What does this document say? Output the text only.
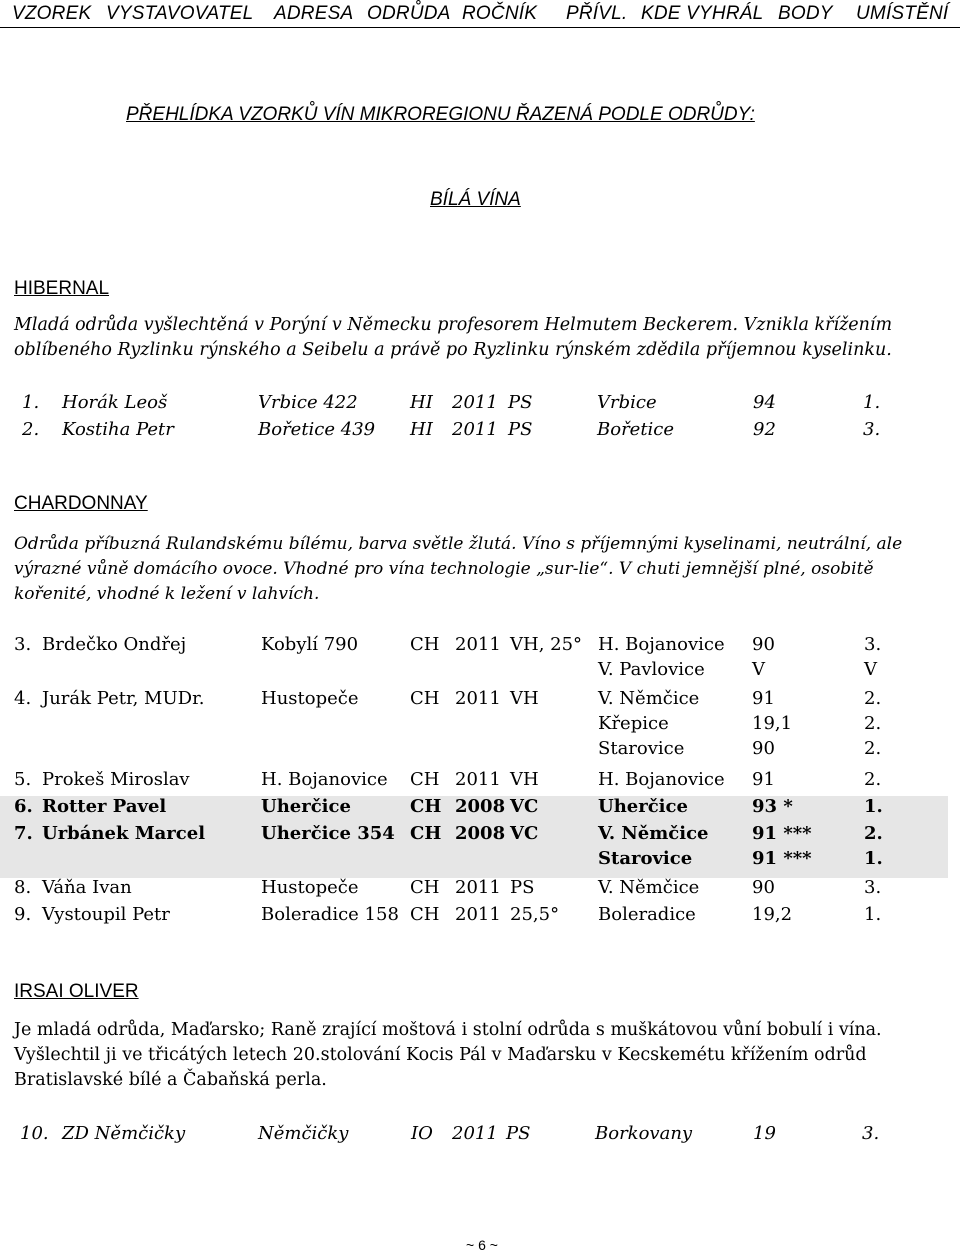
VZOREK VYSTAVOVATEL ADRESA ODRŮDA ROČNÍK PŘÍVL. KDE VYHRÁL BODY UMÍSTĚNÍ
PŘEHLÍDKA VZORKŮ VÍN MIKROREGIONU ŘAZENÁ PODLE ODRŮDY:
BÍLÁ VÍNA
HIBERNAL
Mladá odrůda vyšlechtěná v Porýní v Německu profesorem Helmutem Beckerem. Vznikla křížením oblíbeného Ryzlinku rýnského a Seibelu a právě po Ryzlinku rýnském zdědila příjemnou kyselinku.
1. Horák Leoš	Vrbice 422	HI 2011 PS	Vrbice	94	1.
2. Kostiha Petr	Bořetice 439 HI 2011 PS	Bořetice	92	3.
CHARDONNAY
Odrůda příbuzná Rulandskému bílému, barva světle žlutá. Víno s příjemnými kyselinami, neutrální, ale výrazné vůně domácího ovoce. Vhodné pro vína technologie „sur-lie“. V chuti jemnější plné, osobitě kořenité, vhodné k ležení v lahvích.
3. Brdečko Ondřej	Kobylí 790	CH 2011 VH, 25° H. Bojanovice 90	3.
V. Pavlovice	V	V
4. Jurák Petr, MUDr.	Hustopeče	CH 2011 VH	V. Němčice	91	2.
Křepice	19,1	2.
Starovice	90	2.
5. Prokeš Miroslav	H. Bojanovice CH 2011 VH	H. Bojanovice 91	2.
6. Rotter Pavel	Uherčice	CH 2008 VC	Uherčice	93 *	1.
7. Urbánek Marcel	Uherčice 354 CH 2008 VC	V. Němčice 91 ***	2.
Starovice	91 ***	1.
8. Váňa Ivan	Hustopeče	CH 2011 PS	V. Němčice	90	3.
9. Vystoupil Petr	Boleradice 158 CH 2011 25,5° Boleradice	19,2	1.
IRSAI OLIVER
Je mladá odrůda, Maďarsko; Raně zrající moštová i stolní odrůda s muškátovou vůní bobulí i vína. Vyšlechtil ji ve třicátých letech 20.stolování Kocis Pál v Maďarsku v Kecskemétu křížením odrůd Bratislavské bílé a Čabaňská perla.
10. ZD Němčičky	Němčičky	IO 2011 PS	Borkovany	19	3.
~ 6 ~
